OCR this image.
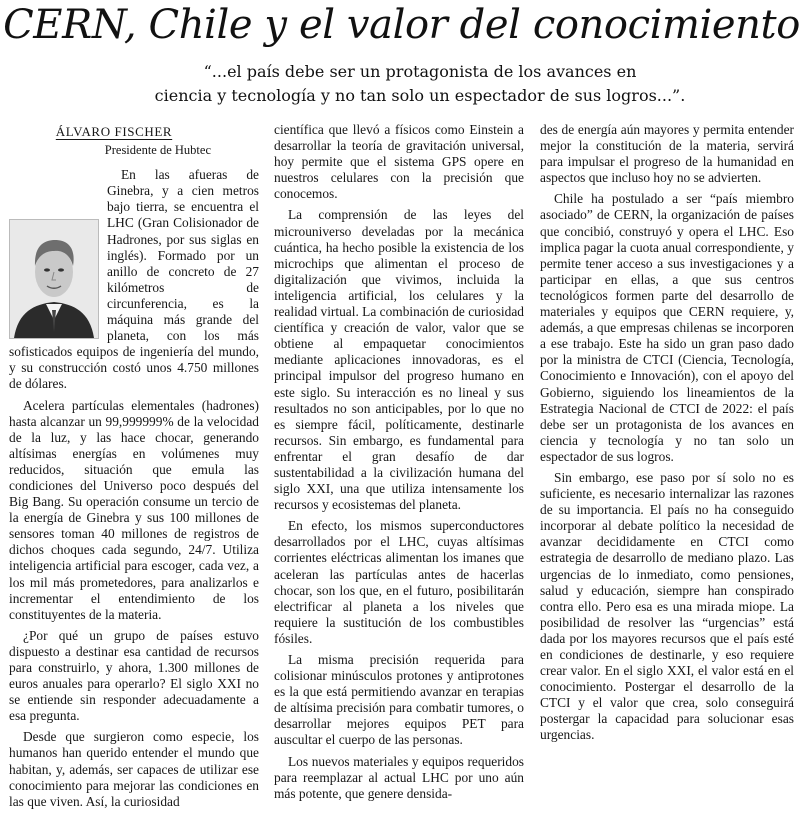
CERN, Chile y el valor del conocimiento
“...el país debe ser un protagonista de los avances en
ciencia y tecnología y no tan solo un espectador de sus logros...”.
ÁLVARO FISCHER
Presidente de Hubtec

En las afueras de Ginebra, y a cien metros bajo tierra, se encuentra el LHC (Gran Colisionador de Hadrones, por sus siglas en inglés). Formado por un anillo de concreto de 27 kilómetros de circunferencia, es la máquina más grande del planeta, con los más sofisticados equipos de ingeniería del mundo, y su construcción costó unos 4.750 millones de dólares.

Acelera partículas elementales (hadrones) hasta alcanzar un 99,999999% de la velocidad de la luz, y las hace chocar, generando altísimas energías en volúmenes muy reducidos, situación que emula las condiciones del Universo poco después del Big Bang. Su operación consume un tercio de la energía de Ginebra y sus 100 millones de sensores toman 40 millones de registros de dichos choques cada segundo, 24/7. Utiliza inteligencia artificial para escoger, cada vez, a los mil más prometedores, para analizarlos e incrementar el entendimiento de los constituyentes de la materia.

¿Por qué un grupo de países estuvo dispuesto a destinar esa cantidad de recursos para construirlo, y ahora, 1.300 millones de euros anuales para operarlo? El siglo XXI no se entiende sin responder adecuadamente a esa pregunta.

Desde que surgieron como especie, los humanos han querido entender el mundo que habitan, y, además, ser capaces de utilizar ese conocimiento para mejorar las condiciones en las que viven. Así, la curiosidad

científica que llevó a físicos como Einstein a desarrollar la teoría de gravitación universal, hoy permite que el sistema GPS opere en nuestros celulares con la precisión que conocemos.

La comprensión de las leyes del microuniverso develadas por la mecánica cuántica, ha hecho posible la existencia de los microchips que alimentan el proceso de digitalización que vivimos, incluida la inteligencia artificial, los celulares y la realidad virtual. La combinación de curiosidad científica y creación de valor, valor que se obtiene al empaquetar conocimientos mediante aplicaciones innovadoras, es el principal impulsor del progreso humano en este siglo. Su interacción es no lineal y sus resultados no son anticipables, por lo que no es siempre fácil, políticamente, destinarle recursos. Sin embargo, es fundamental para enfrentar el gran desafío de dar sustentabilidad a la civilización humana del siglo XXI, una que utiliza intensamente los recursos y ecosistemas del planeta.

En efecto, los mismos superconductores desarrollados por el LHC, cuyas altísimas corrientes eléctricas alimentan los imanes que aceleran las partículas antes de hacerlas chocar, son los que, en el futuro, posibilitarán electrificar al planeta a los niveles que requiere la sustitución de los combustibles fósiles.

La misma precisión requerida para colisionar minúsculos protones y antiprotones es la que está permitiendo avanzar en terapias de altísima precisión para combatir tumores, o desarrollar mejores equipos PET para auscultar el cuerpo de las personas.

Los nuevos materiales y equipos requeridos para reemplazar al actual LHC por uno aún más potente, que genere densida-

des de energía aún mayores y permita entender mejor la constitución de la materia, servirá para impulsar el progreso de la humanidad en aspectos que incluso hoy no se advierten.

Chile ha postulado a ser “país miembro asociado” de CERN, la organización de países que concibió, construyó y opera el LHC. Eso implica pagar la cuota anual correspondiente, y permite tener acceso a sus investigaciones y a participar en ellas, a que sus centros tecnológicos formen parte del desarrollo de materiales y equipos que CERN requiere, y, además, a que empresas chilenas se incorporen a ese trabajo. Este ha sido un gran paso dado por la ministra de CTCI (Ciencia, Tecnología, Conocimiento e Innovación), con el apoyo del Gobierno, siguiendo los lineamientos de la Estrategia Nacional de CTCI de 2022: el país debe ser un protagonista de los avances en ciencia y tecnología y no tan solo un espectador de sus logros.

Sin embargo, ese paso por sí solo no es suficiente, es necesario internalizar las razones de su importancia. El país no ha conseguido incorporar al debate político la necesidad de avanzar decididamente en CTCI como estrategia de desarrollo de mediano plazo. Las urgencias de lo inmediato, como pensiones, salud y educación, siempre han conspirado contra ello. Pero esa es una mirada miope. La posibilidad de resolver las “urgencias” está dada por los mayores recursos que el país esté en condiciones de destinarle, y eso requiere crear valor. En el siglo XXI, el valor está en el conocimiento. Postergar el desarrollo de la CTCI y el valor que crea, solo conseguirá postergar la capacidad para solucionar esas urgencias.
